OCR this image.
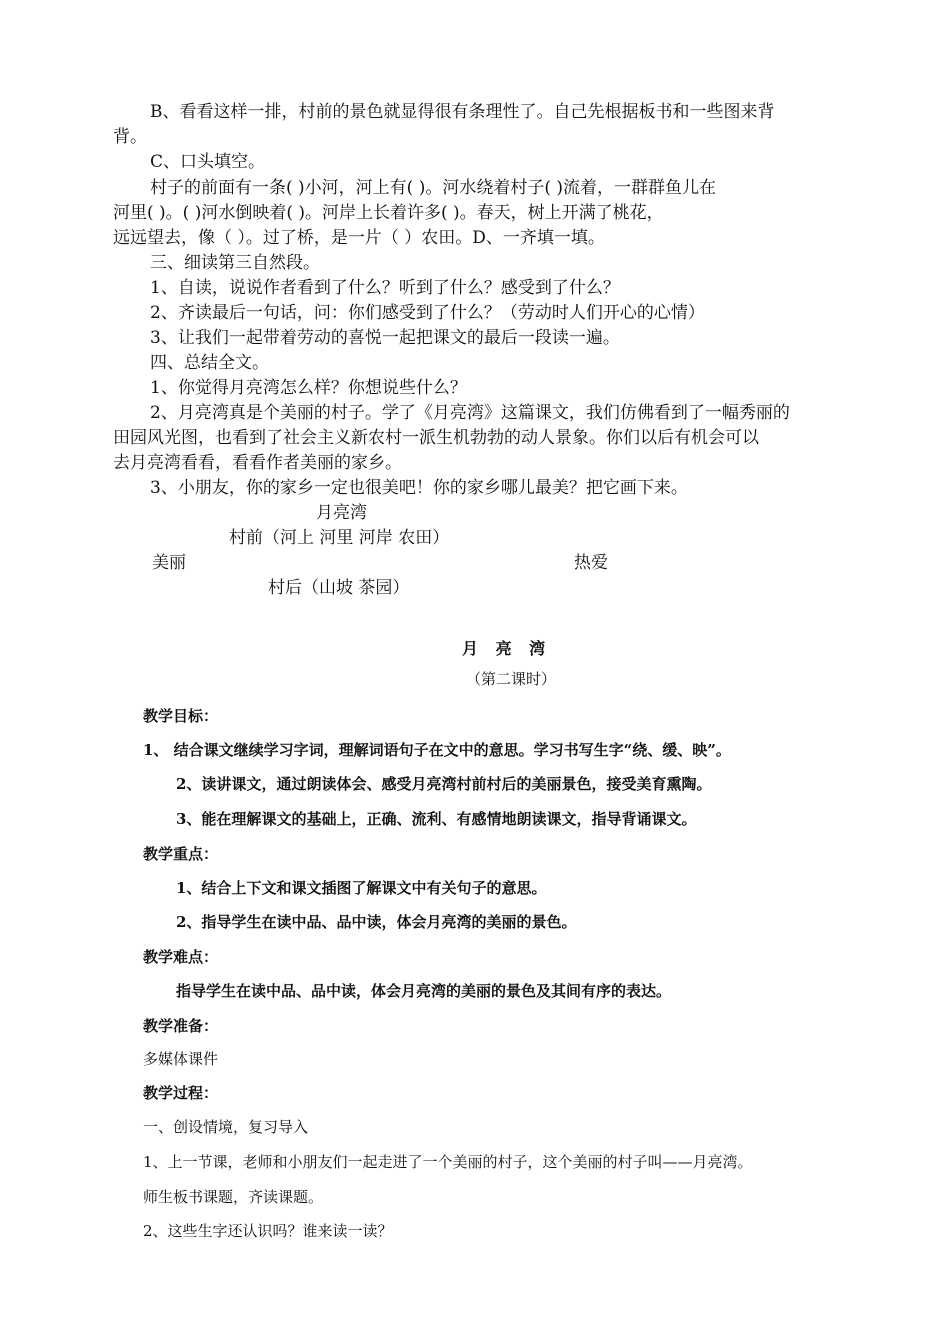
B、看看这样一排，村前的景色就显得很有条理性了。自己先根据板书和一些图来背
背。
C、口头填空。
村子的前面有一条( )小河，河上有( )。河水绕着村子( )流着，一群群鱼儿在
河里( )。( )河水倒映着( )。河岸上长着许多( )。春天，树上开满了桃花，
远远望去，像（ ）。过了桥，是一片（ ）农田。D、一齐填一填。
三、细读第三自然段。
1、自读，说说作者看到了什么？听到了什么？感受到了什么？
2、齐读最后一句话，问：你们感受到了什么？（劳动时人们开心的心情）
3、让我们一起带着劳动的喜悦一起把课文的最后一段读一遍。
四、总结全文。
1、你觉得月亮湾怎么样？你想说些什么？
2、月亮湾真是个美丽的村子。学了《月亮湾》这篇课文，我们仿佛看到了一幅秀丽的
田园风光图，也看到了社会主义新农村一派生机勃勃的动人景象。你们以后有机会可以
去月亮湾看看，看看作者美丽的家乡。
3、小朋友，你的家乡一定也很美吧！你的家乡哪儿最美？把它画下来。
月亮湾
村前（河上 河里 河岸 农田）
美丽	热爱
村后（山坡 茶园）
月 亮 湾
（第二课时）
教学目标：
1、 结合课文继续学习字词，理解词语句子在文中的意思。学习书写生字“绕、缓、映”。
2、读讲课文，通过朗读体会、感受月亮湾村前村后的美丽景色，接受美育熏陶。
3、能在理解课文的基础上，正确、流利、有感情地朗读课文，指导背诵课文。
教学重点：
1、结合上下文和课文插图了解课文中有关句子的意思。
2、指导学生在读中品、品中读，体会月亮湾的美丽的景色。
教学难点：
指导学生在读中品、品中读，体会月亮湾的美丽的景色及其间有序的表达。
教学准备：
多媒体课件
教学过程：
一、创设情境，复习导入
1、上一节课，老师和小朋友们一起走进了一个美丽的村子，这个美丽的村子叫——月亮湾。
师生板书课题，齐读课题。
2、这些生字还认识吗？谁来读一读？
